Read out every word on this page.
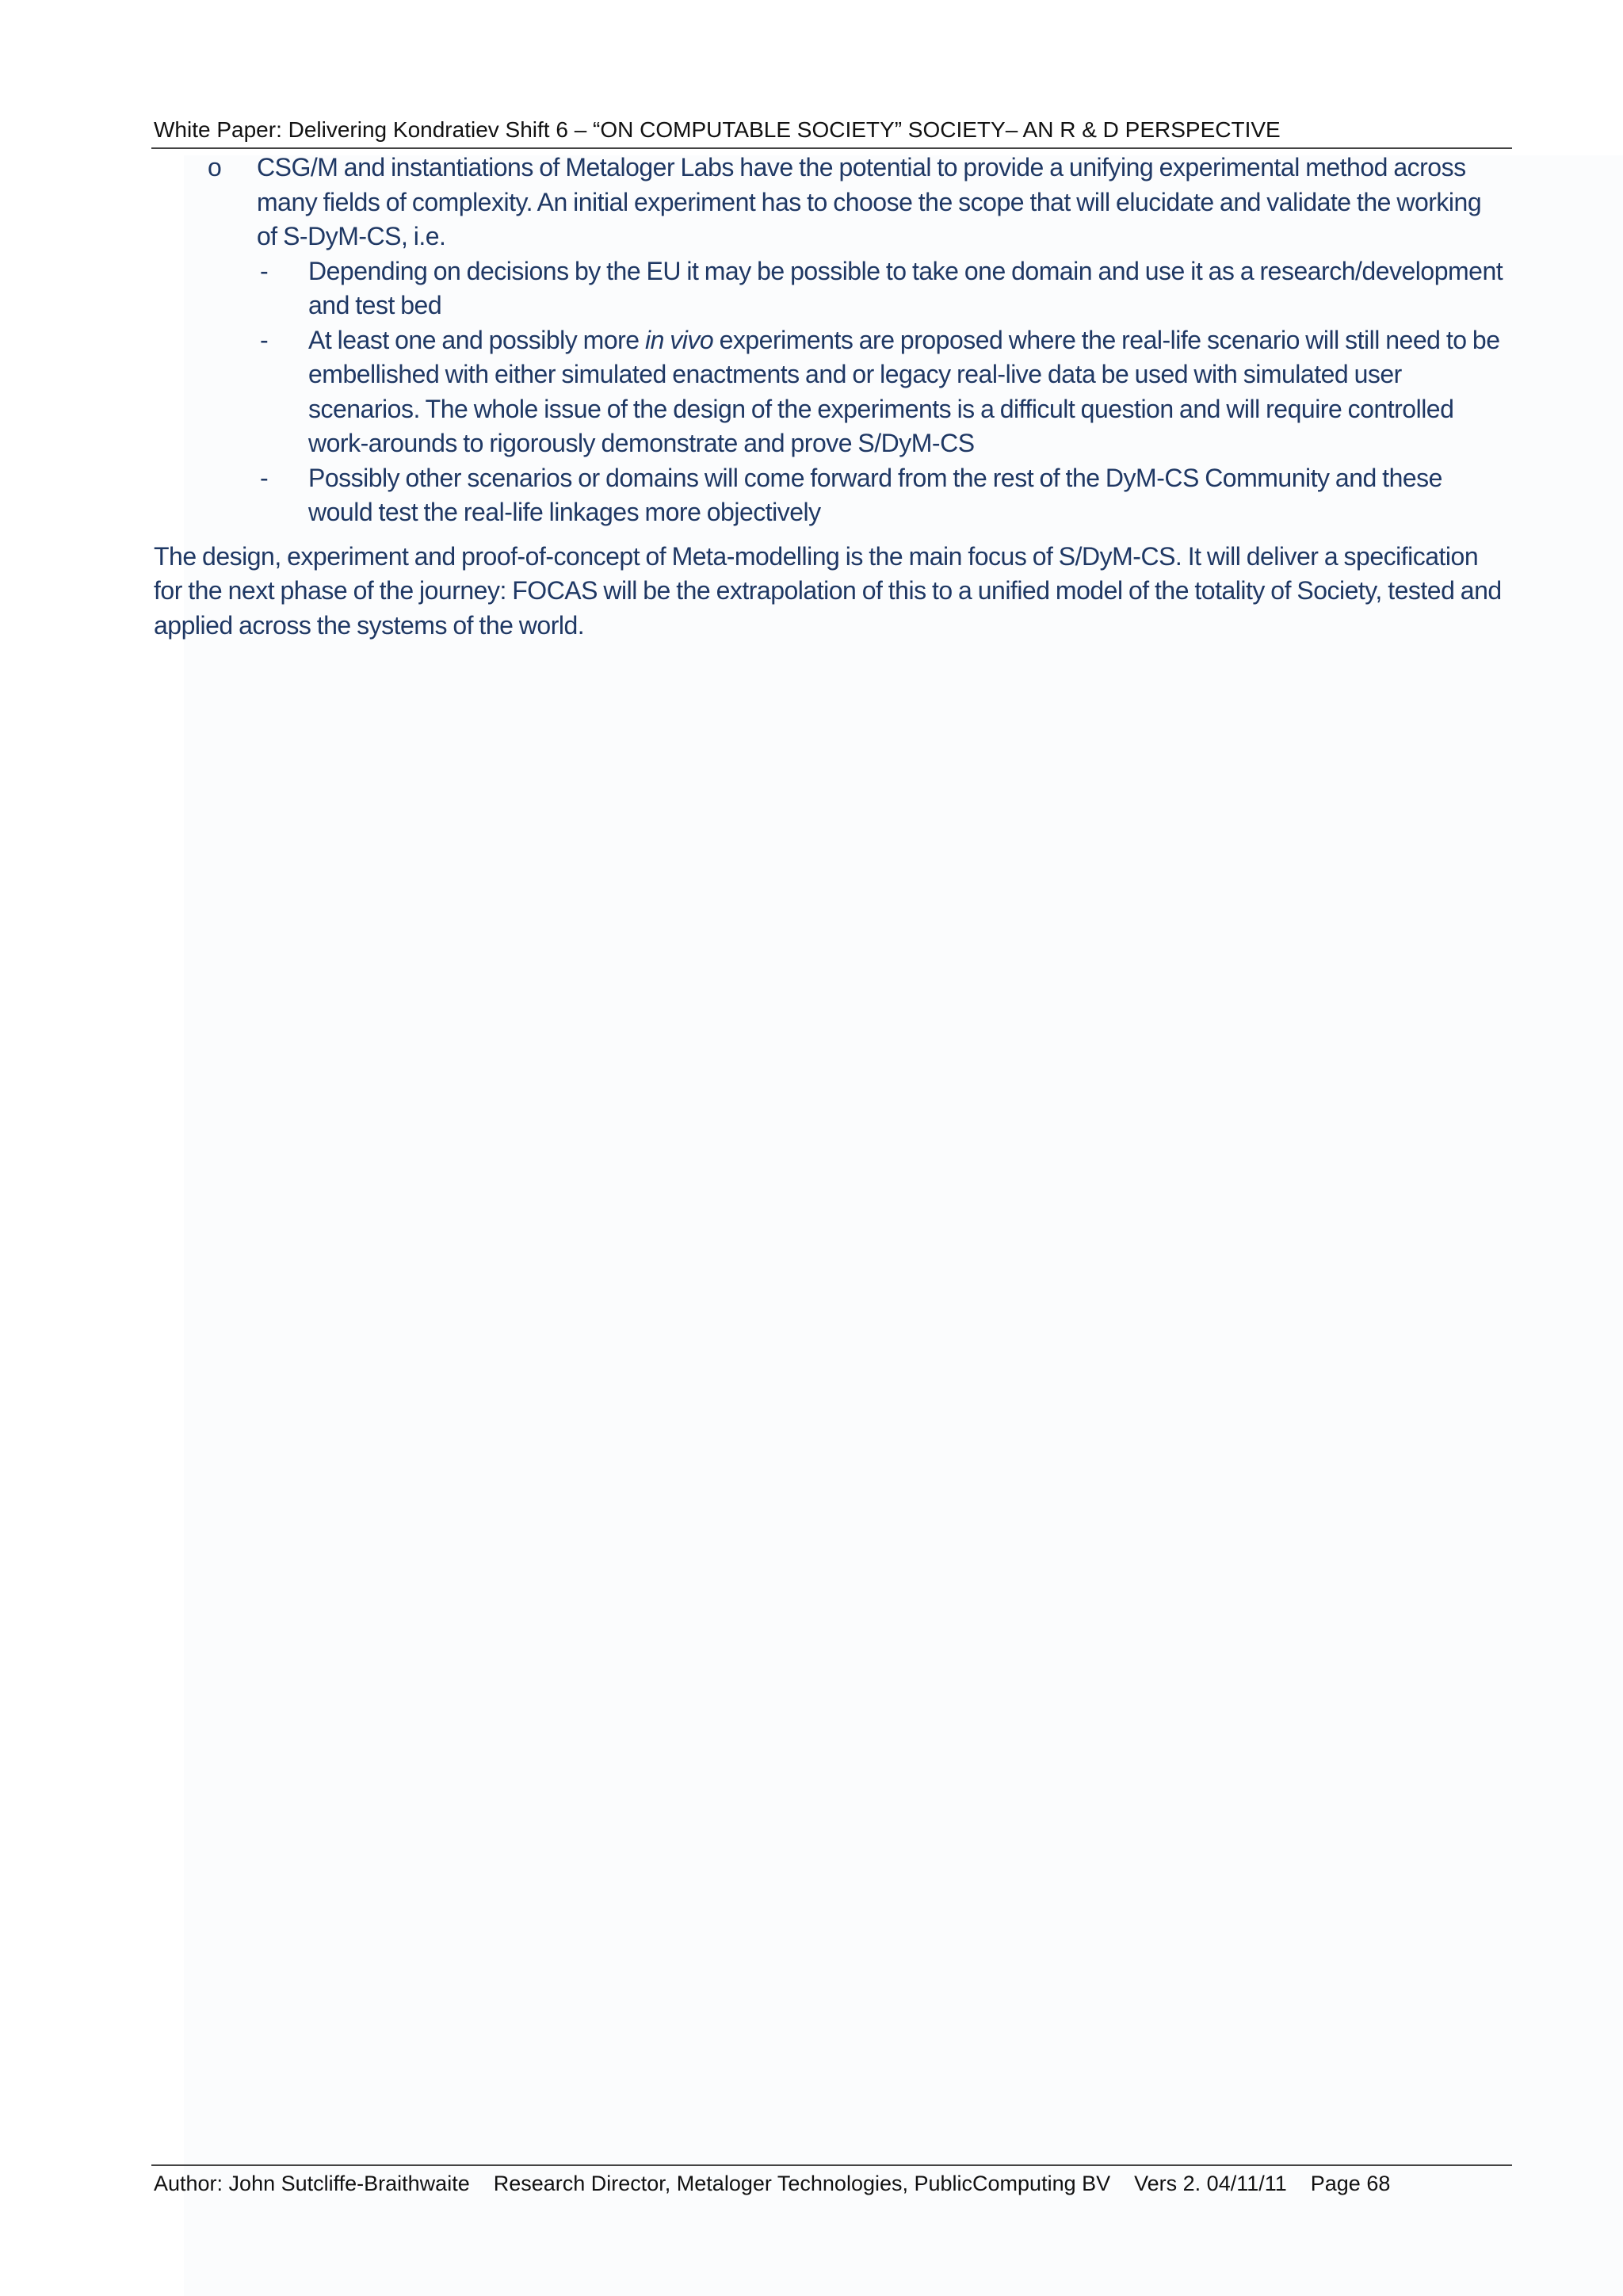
White Paper: Delivering Kondratiev Shift 6 – “ON COMPUTABLE SOCIETY” SOCIETY– AN R & D PERSPECTIVE
o CSG/M and instantiations of Metaloger Labs have the potential to provide a unifying experimental method across many fields of complexity. An initial experiment has to choose the scope that will elucidate and validate the working of S-DyM-CS, i.e.
- Depending on decisions by the EU it may be possible to take one domain and use it as a research/development and test bed
- At least one and possibly more in vivo experiments are proposed where the real-life scenario will still need to be embellished with either simulated enactments and or legacy real-live data be used with simulated user scenarios. The whole issue of the design of the experiments is a difficult question and will require controlled work-arounds to rigorously demonstrate and prove S/DyM-CS
- Possibly other scenarios or domains will come forward from the rest of the DyM-CS Community and these would test the real-life linkages more objectively

The design, experiment and proof-of-concept of Meta-modelling is the main focus of S/DyM-CS. It will deliver a specification for the next phase of the journey: FOCAS will be the extrapolation of this to a unified model of the totality of Society, tested and applied across the systems of the world.

Author: John Sutcliffe-Braithwaite Research Director, Metaloger Technologies, PublicComputing BV Vers 2. 04/11/11 Page 68
